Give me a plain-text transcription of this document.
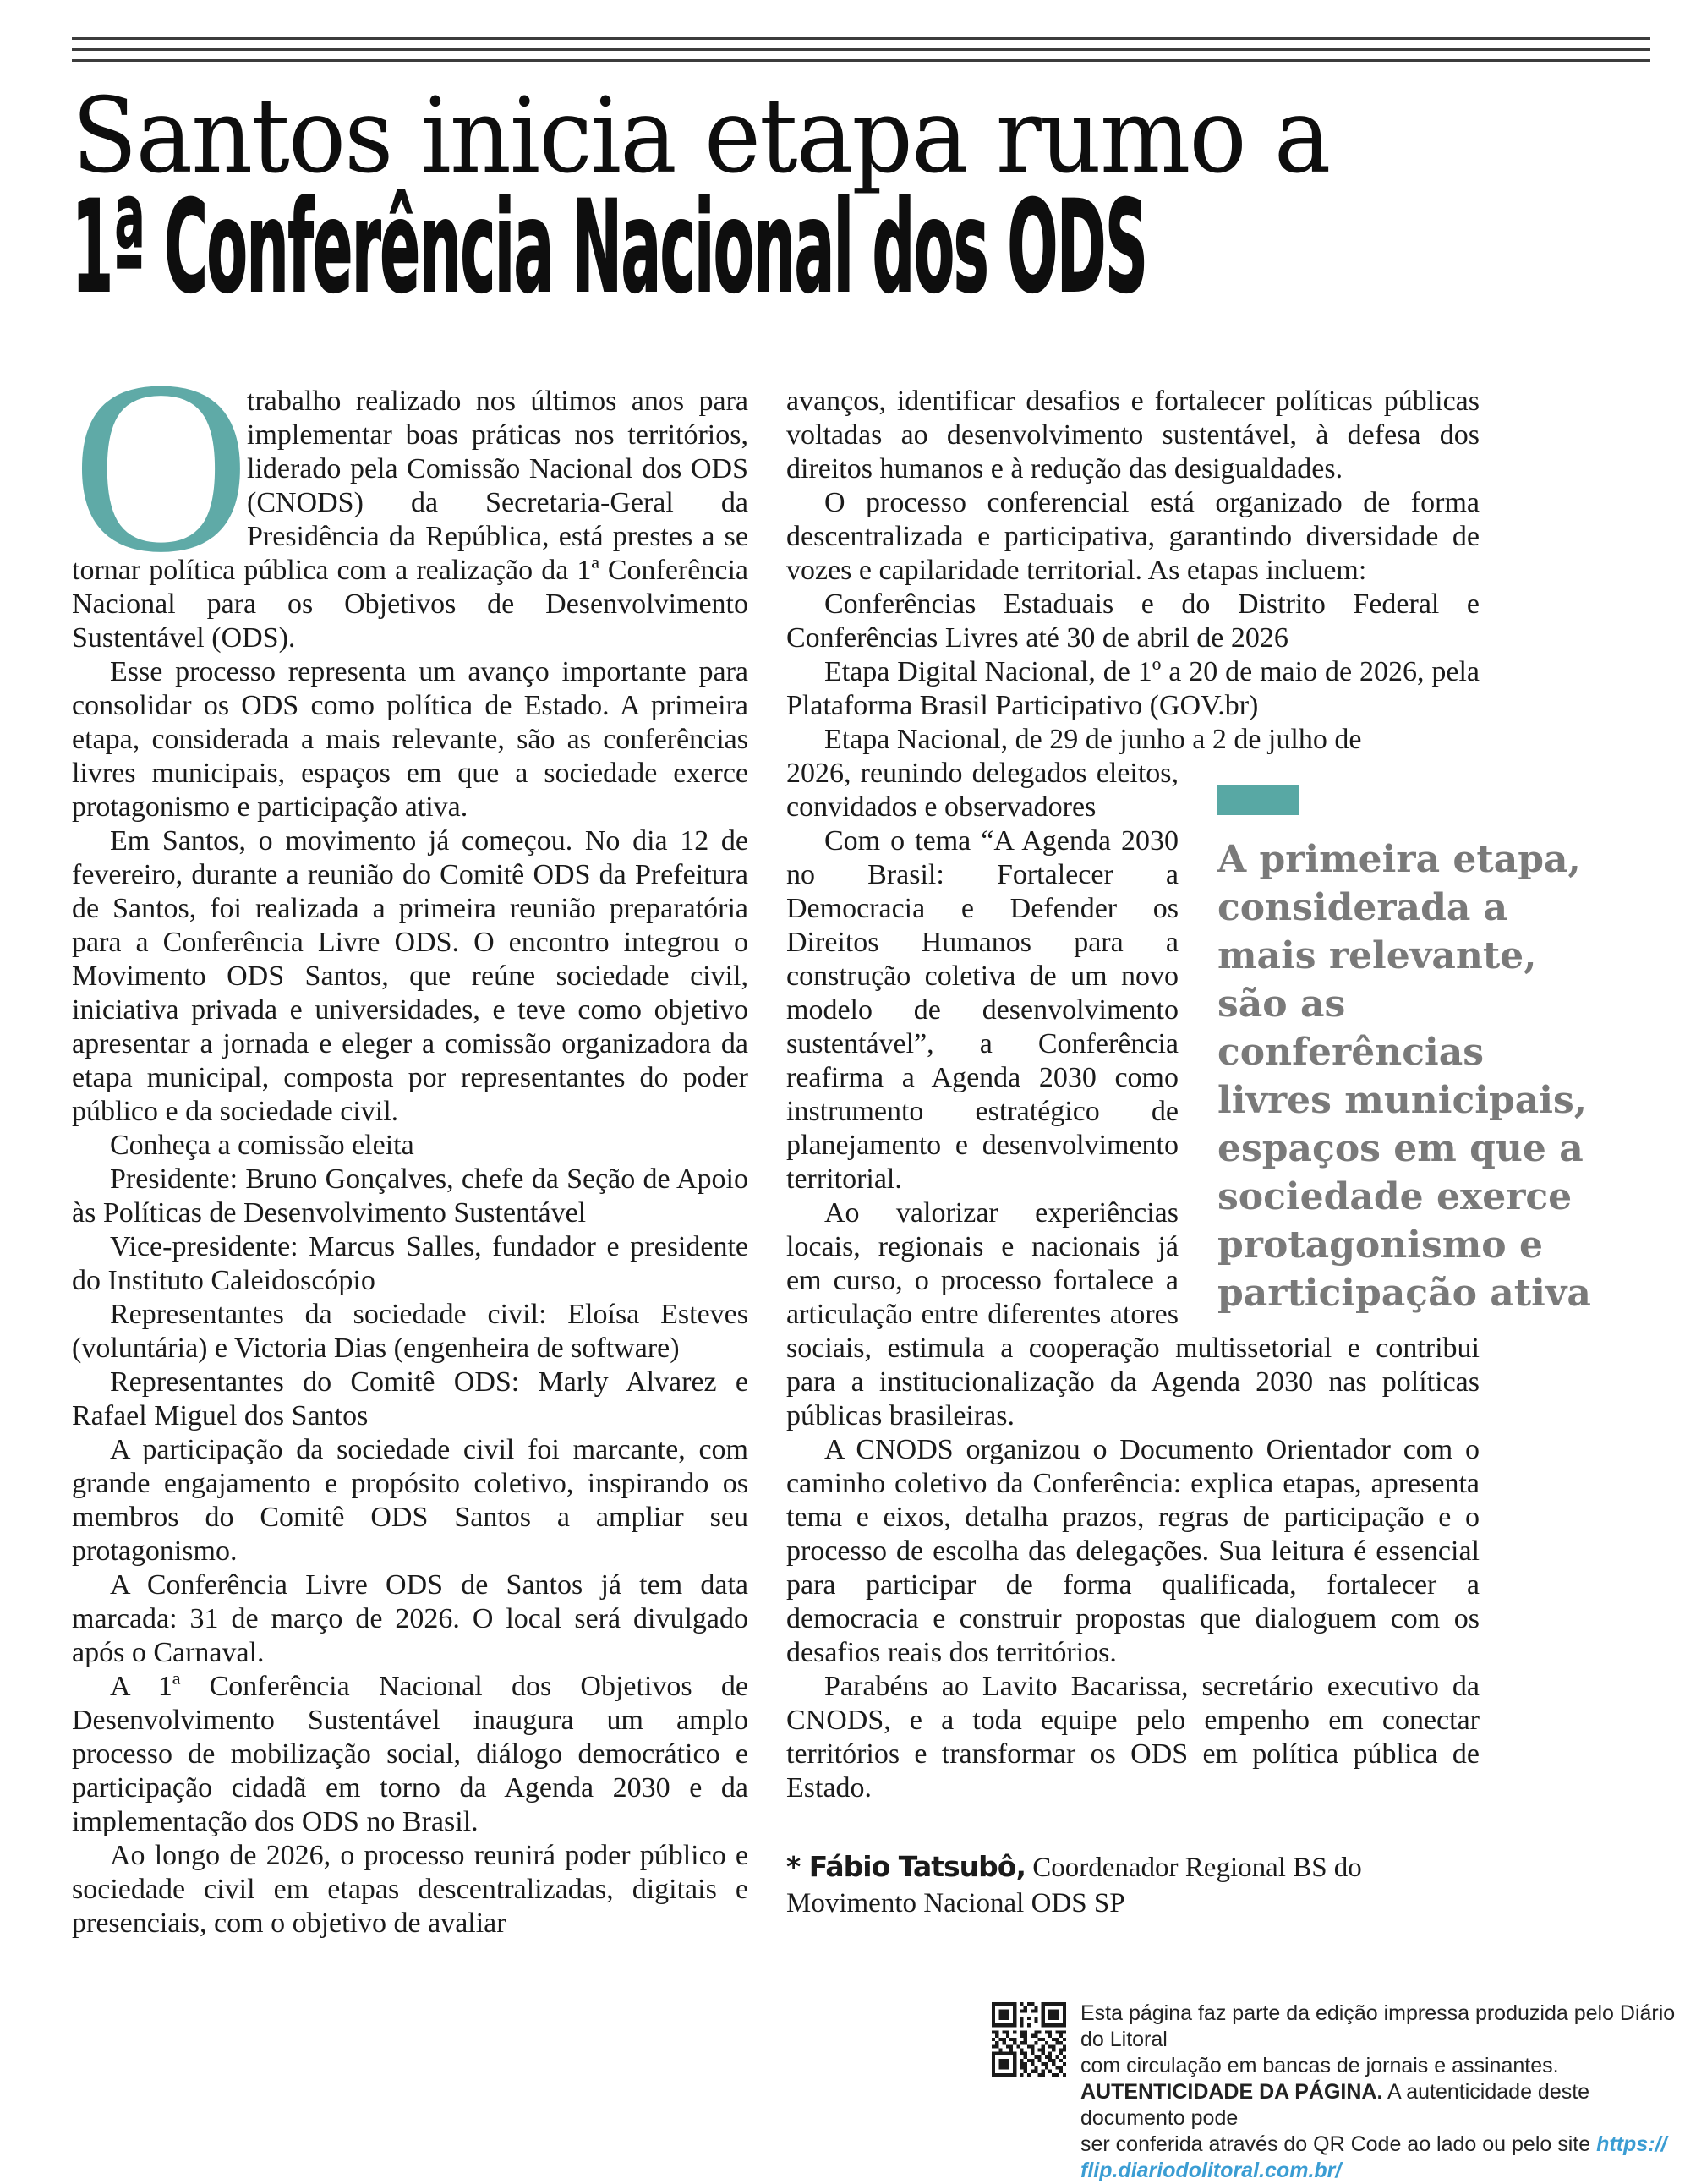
Santos inicia etapa rumo a
1ª Conferência Nacional dos ODS

O
trabalho realizado nos últimos anos para implementar boas práticas nos territórios, liderado pela Comissão Nacional dos ODS (CNODS) da Secretaria-Geral da Presidência da República, está prestes a se tornar política pública com a realização da 1ª Conferência Nacional para os Objetivos de Desenvolvimento Sustentável (ODS).

Esse processo representa um avanço importante para consolidar os ODS como política de Estado. A primeira etapa, considerada a mais relevante, são as conferências livres municipais, espaços em que a sociedade exerce protagonismo e participação ativa.

Em Santos, o movimento já começou. No dia 12 de fevereiro, durante a reunião do Comitê ODS da Prefeitura de Santos, foi realizada a primeira reunião preparatória para a Conferência Livre ODS. O encontro integrou o Movimento ODS Santos, que reúne sociedade civil, iniciativa privada e universidades, e teve como objetivo apresentar a jornada e eleger a comissão organizadora da etapa municipal, composta por representantes do poder público e da sociedade civil.

Conheça a comissão eleita

Presidente: Bruno Gonçalves, chefe da Seção de Apoio às Políticas de Desenvolvimento Sustentável

Vice-presidente: Marcus Salles, fundador e presidente do Instituto Caleidoscópio

Representantes da sociedade civil: Eloísa Esteves (voluntária) e Victoria Dias (engenheira de software)

Representantes do Comitê ODS: Marly Alvarez e Rafael Miguel dos Santos

A participação da sociedade civil foi marcante, com grande engajamento e propósito coletivo, inspirando os membros do Comitê ODS Santos a ampliar seu protagonismo.

A Conferência Livre ODS de Santos já tem data marcada: 31 de março de 2026. O local será divulgado após o Carnaval.

A 1ª Conferência Nacional dos Objetivos de Desenvolvimento Sustentável inaugura um amplo processo de mobilização social, diálogo democrático e participação cidadã em torno da Agenda 2030 e da implementação dos ODS no Brasil.

Ao longo de 2026, o processo reunirá poder público e sociedade civil em etapas descentralizadas, digitais e presenciais, com o objetivo de avaliar

avanços, identificar desafios e fortalecer políticas públicas voltadas ao desenvolvimento sustentável, à defesa dos direitos humanos e à redução das desigualdades.

O processo conferencial está organizado de forma descentralizada e participativa, garantindo diversidade de vozes e capilaridade territorial. As etapas incluem:

Conferências Estaduais e do Distrito Federal e Conferências Livres até 30 de abril de 2026

Etapa Digital Nacional, de 1º a 20 de maio de 2026, pela Plataforma Brasil Participativo (GOV.br)

Etapa Nacional, de 29 de junho a 2 de julho de

A primeira etapa, considerada a mais relevante, são as conferências livres municipais, espaços em que a sociedade exerce protagonismo e participação ativa
2026, reunindo delegados eleitos, convidados e observadores

Com o tema “A Agenda 2030 no Brasil: Fortalecer a Democracia e Defender os Direitos Humanos para a construção coletiva de um novo modelo de desenvolvimento sustentável”, a Conferência reafirma a Agenda 2030 como instrumento estratégico de planejamento e desenvolvimento territorial.

Ao valorizar experiências locais, regionais e nacionais já em curso, o processo fortalece a articulação entre diferentes atores sociais, estimula a cooperação multissetorial e contribui para a institucionalização da Agenda 2030 nas políticas públicas brasileiras.

A CNODS organizou o Documento Orientador com o caminho coletivo da Conferência: explica etapas, apresenta tema e eixos, detalha prazos, regras de participação e o processo de escolha das delegações. Sua leitura é essencial para participar de forma qualificada, fortalecer a democracia e construir propostas que dialoguem com os desafios reais dos territórios.

Parabéns ao Lavito Bacarissa, secretário executivo da CNODS, e a toda equipe pelo empenho em conectar territórios e transformar os ODS em política pública de Estado.

* Fábio Tatsubô, Coordenador Regional BS do Movimento Nacional ODS SP
Esta página faz parte da edição impressa produzida pelo Diário do Litoral
com circulação em bancas de jornais e assinantes.
AUTENTICIDADE DA PÁGINA. A autenticidade deste documento pode
ser conferida através do QR Code ao lado ou pelo site https:// flip.diariodolitoral.com.br/
